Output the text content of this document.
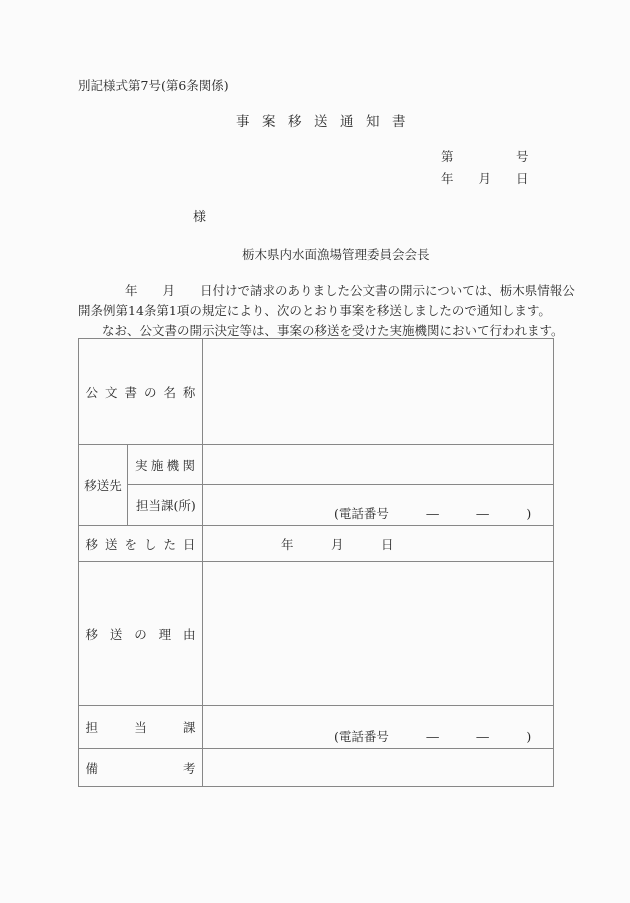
別記様式第7号(第6条関係)
事案移送通知書
第　　　　　号
年　　月　　日
様
栃木県内水面漁場管理委員会会長
年　　月　　日付けで請求のありました公文書の開示については、栃木県情報公
開条例第14条第1項の規定により、次のとおり事案を移送しましたので通知します。
なお、公文書の開示決定等は、事案の移送を受けた実施機関において行われます。
公 文 書 の 名 称

移送先	実 施 機 関	

	担当課(所)	(電話番号　　　―　　　―　　　)

移 送 を し た 日	年　　　月　　　日

移 送 の 理 由		

担 当 課		(電話番号　　　―　　　―　　　)

備 考		
